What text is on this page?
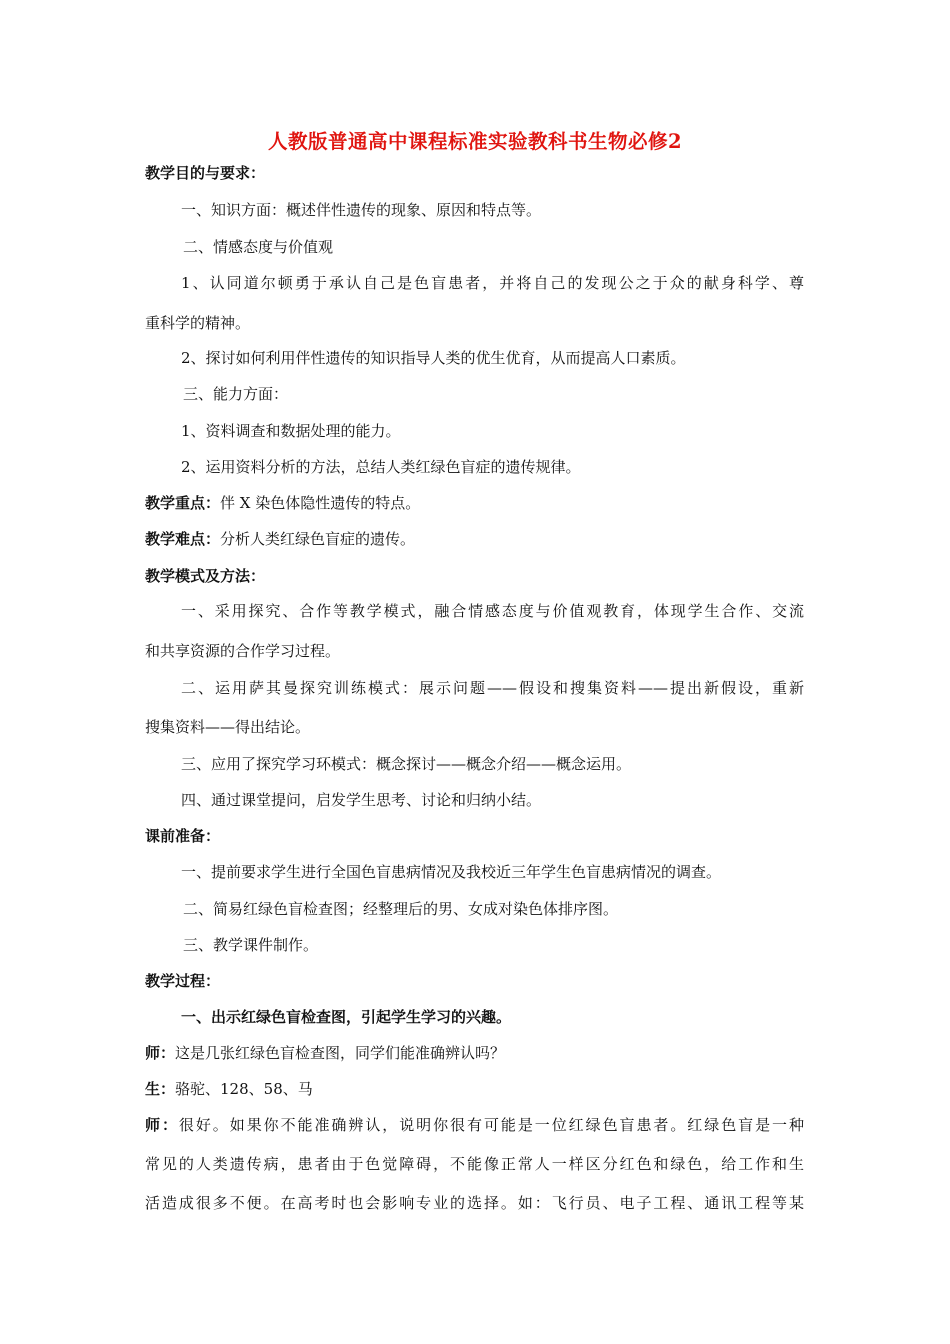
人教版普通高中课程标准实验教科书生物必修2
教学目的与要求：
一、知识方面：概述伴性遗传的现象、原因和特点等。
二、情感态度与价值观
1、认同道尔顿勇于承认自己是色盲患者，并将自己的发现公之于众的献身科学、尊
重科学的精神。
2、探讨如何利用伴性遗传的知识指导人类的优生优育，从而提高人口素质。
三、能力方面：
1、资料调查和数据处理的能力。
2、运用资料分析的方法，总结人类红绿色盲症的遗传规律。
教学重点：伴 X 染色体隐性遗传的特点。
教学难点：分析人类红绿色盲症的遗传。
教学模式及方法：
一、采用探究、合作等教学模式，融合情感态度与价值观教育，体现学生合作、交流
和共享资源的合作学习过程。
二、运用萨其曼探究训练模式：展示问题——假设和搜集资料——提出新假设，重新
搜集资料——得出结论。
三、应用了探究学习环模式：概念探讨——概念介绍——概念运用。
四、通过课堂提问，启发学生思考、讨论和归纳小结。
课前准备：
一、提前要求学生进行全国色盲患病情况及我校近三年学生色盲患病情况的调查。
二、简易红绿色盲检查图；经整理后的男、女成对染色体排序图。
三、教学课件制作。
教学过程：
一、出示红绿色盲检查图，引起学生学习的兴趣。
师：这是几张红绿色盲检查图，同学们能准确辨认吗？
生：骆驼、128、58、马
师：很好。如果你不能准确辨认，说明你很有可能是一位红绿色盲患者。红绿色盲是一种
常见的人类遗传病，患者由于色觉障碍，不能像正常人一样区分红色和绿色，给工作和生
活造成很多不便。在高考时也会影响专业的选择。如：飞行员、电子工程、通讯工程等某
